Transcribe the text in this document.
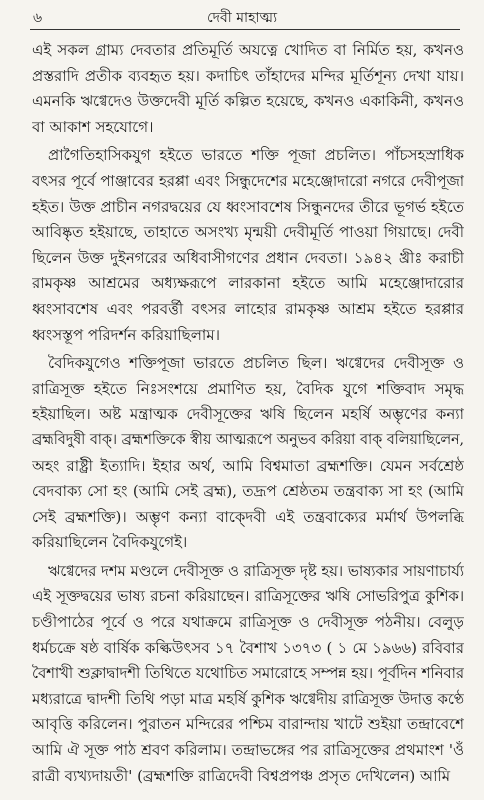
৬	দেবী মাহাত্ম্য
এই সকল গ্রাম্য দেবতার প্রতিমূর্তি অযত্নে খোদিত বা নির্মিত হয়, কখনও
প্রস্তরাদি প্রতীক ব্যবহৃত হয়। কদাচিৎ তাঁহাদের মন্দির মূর্তিশূন্য দেখা যায়।
এমনকি ঋগ্বেদেও উক্তদেবী মূর্তি কল্পিত হয়েছে, কখনও একাকিনী, কখনও
বা আকাশ সহযোগে।
প্রাগৈতিহাসিকযুগ হইতে ভারতে শক্তি পূজা প্রচলিত। পাঁচসহস্রাধিক
বৎসর পূর্বে পাঞ্জাবের হরপ্পা এবং সিন্ধুদেশের মহেঞ্জোদারো নগরে দেবীপূজা
হইত। উক্ত প্রাচীন নগরদ্বয়ের যে ধ্বংসাবশেষ সিন্ধুনদের তীরে ভূগর্ভ হইতে
আবিষ্কৃত হইয়াছে, তাহাতে অসংখ্য মৃন্ময়ী দেবীমূর্তি পাওয়া গিয়াছে। দেবী
ছিলেন উক্ত দুইনগরের অধিবাসীগণের প্রধান দেবতা। ১৯৪২ খ্রীঃ করাচী
রামকৃষ্ণ আশ্রমের অধ্যক্ষরূপে লারকানা হইতে আমি মহেঞ্জোদারোর
ধ্বংসাবশেষ এবং পরবর্ত্তী বৎসর লাহোর রামকৃষ্ণ আশ্রম হইতে হরপ্পার
ধ্বংসস্তূপ পরিদর্শন করিয়াছিলাম।
বৈদিকযুগেও শক্তিপূজা ভারতে প্রচলিত ছিল। ঋগ্বেদের দেবীসূক্ত ও
রাত্রিসূক্ত হইতে নিঃসংশয়ে প্রমাণিত হয়, বৈদিক যুগে শক্তিবাদ সমৃদ্ধ
হইয়াছিল। অষ্ট মন্ত্রাত্মক দেবীসূক্তের ঋষি ছিলেন মহর্ষি অম্ভৃণের কন্যা
ব্রহ্মবিদুষী বাক্। ব্রহ্মশক্তিকে স্বীয় আত্মরূপে অনুভব করিয়া বাক্ বলিয়াছিলেন,
অহং রাষ্ট্রী ইত্যাদি। ইহার অর্থ, আমি বিশ্বমাতা ব্রহ্মশক্তি। যেমন সর্বশ্রেষ্ঠ
বেদবাক্য সো হং (আমি সেই ব্রহ্ম), তদ্রূপ শ্রেষ্ঠতম তন্ত্রবাক্য সা হং (আমি
সেই ব্রহ্মশক্তি)। অম্ভৃণ কন্যা বাক্দেবী এই তন্ত্রবাক্যের মর্মার্থ উপলব্ধি
করিয়াছিলেন বৈদিকযুগেই।
ঋগ্বেদের দশম মণ্ডলে দেবীসূক্ত ও রাত্রিসূক্ত দৃষ্ট হয়। ভাষ্যকার সায়ণাচার্য্য
এই সূক্তদ্বয়ের ভাষ্য রচনা করিয়াছেন। রাত্রিসূক্তের ঋষি সোভরিপুত্র কুশিক।
চণ্ডীপাঠের পূর্বে ও পরে যথাক্রমে রাত্রিসূক্ত ও দেবীসূক্ত পঠনীয়। বেলুড়
ধর্মচক্রে ষষ্ঠ বার্ষিক কল্কিউৎসব ১৭ বৈশাখ ১৩৭৩ ( ১ মে ১৯৬৬) রবিবার
বৈশাখী শুক্লাদ্বাদশী তিথিতে যথোচিত সমারোহে সম্পন্ন হয়। পূর্বদিন শনিবার
মধ্যরাত্রে দ্বাদশী তিথি পড়া মাত্র মহর্ষি কুশিক ঋগ্বেদীয় রাত্রিসূক্ত উদাত্ত কণ্ঠে
আবৃত্তি করিলেন। পুরাতন মন্দিরের পশ্চিম বারান্দায় খাটে শুইয়া তন্দ্রাবেশে
আমি ঐ সূক্ত পাঠ শ্রবণ করিলাম। তন্দ্রাভঙ্গের পর রাত্রিসূক্তের প্রথমাংশ 'ওঁ
রাত্রী ব্যখ্যদায়তী' (ব্রহ্মশক্তি রাত্রিদেবী বিশ্বপ্রপঞ্চ প্রসৃত দেখিলেন) আমি
